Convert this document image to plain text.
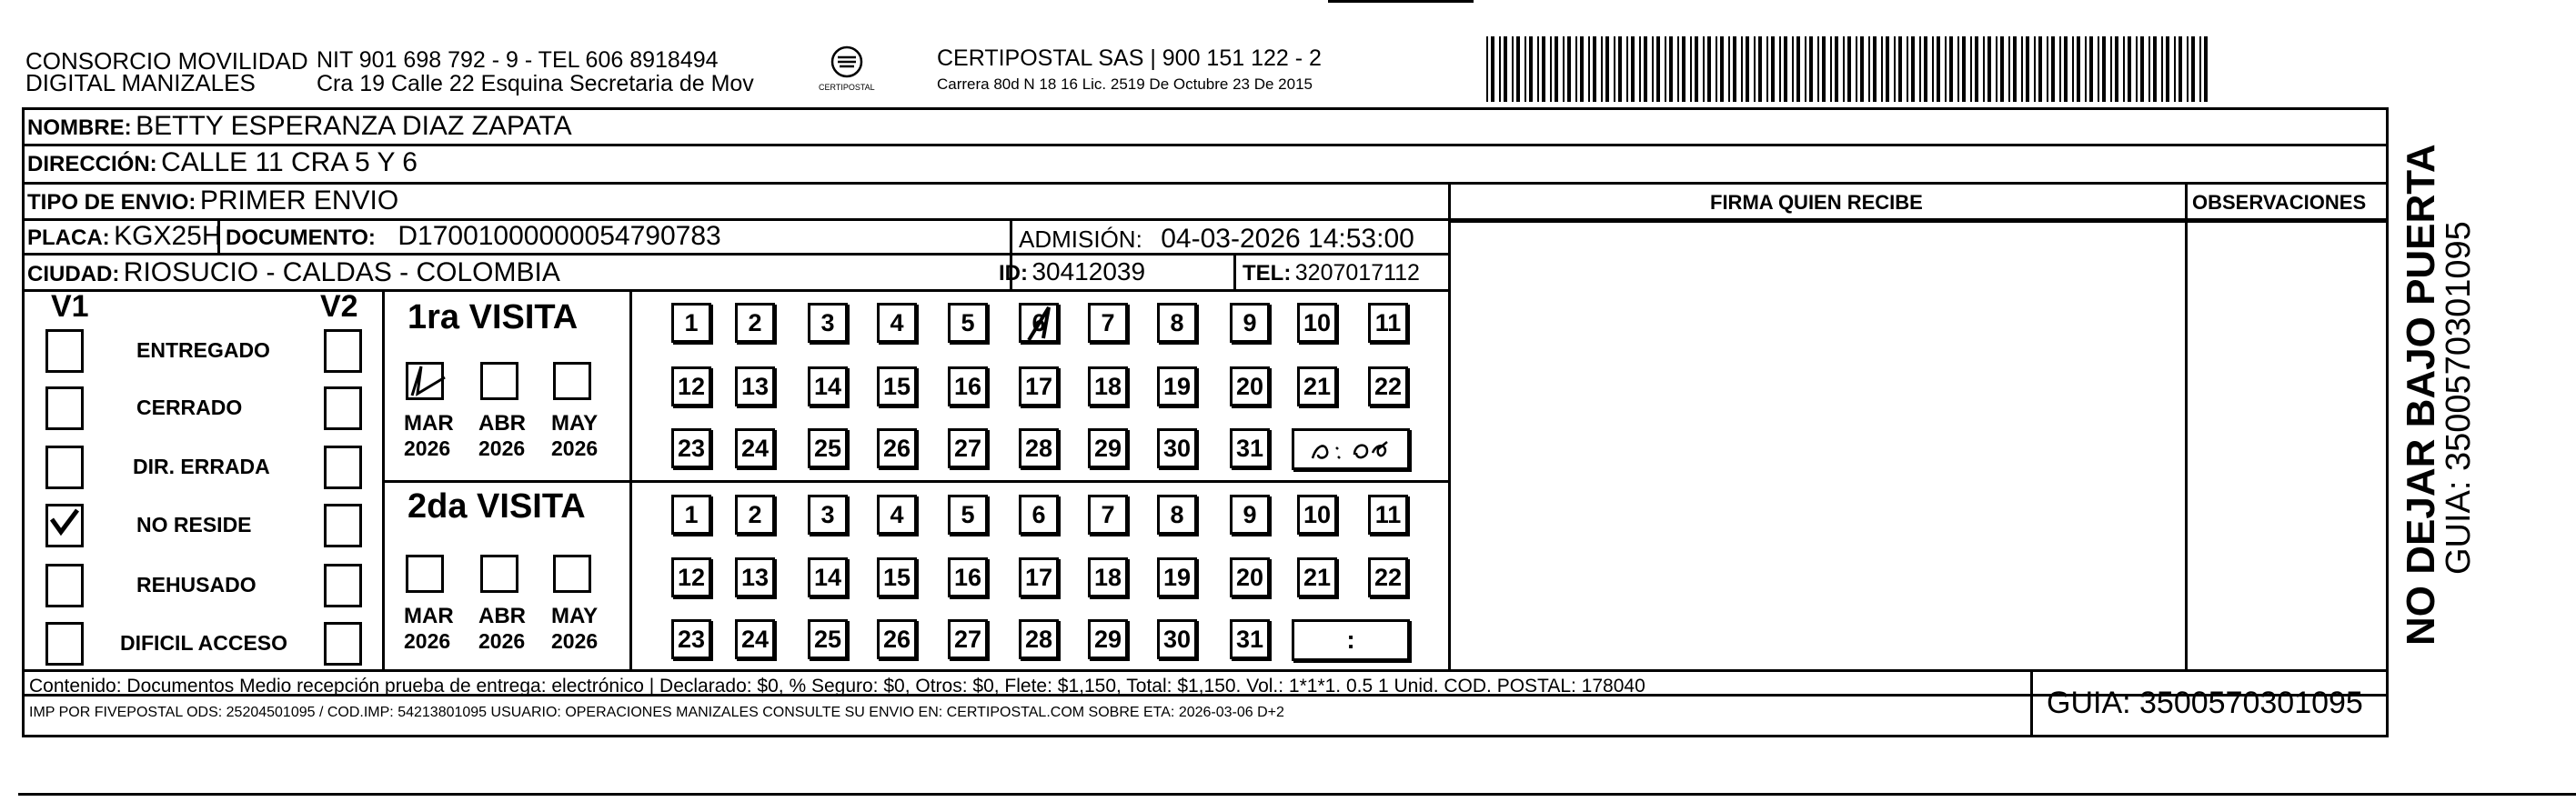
CONSORCIO MOVILIDAD
DIGITAL MANIZALES
NIT 901 698 792 - 9 - TEL 606 8918494
Cra 19 Calle 22 Esquina Secretaria de Mov	CERTIPOSTAL
CERTIPOSTAL SAS | 900 151 122 - 2
Carrera 80d N 18 16 Lic. 2519 De Octubre 23 De 2015
NOMBRE: BETTY ESPERANZA DIAZ ZAPATA
DIRECCIÓN: CALLE 11 CRA 5 Y 6
TIPO DE ENVIO: PRIMER ENVIO	FIRMA QUIEN RECIBE	OBSERVACIONES
PLACA: KGX25H DOCUMENTO: D17001000000054790783	ADMISIÓN: 04-03-2026 14:53:00
CIUDAD: RIOSUCIO - CALDAS - COLOMBIA	ID: 30412039	TEL: 3207017112
V1	V2
ENTREGADO
CERRADO
DIR. ERRADA
NO RESIDE
REHUSADO
DIFICIL ACCESO
1ra VISITA
2da VISITA
MAR
2026
ABR
2026
MAY
2026
MAR
2026
ABR
2026
MAY
2026
1	2	3	4	5	6	7	8	9	10 11
12 13 14 15 16 17 18 19 20 21 22
23 24 25 26 27 28 29 30 31
1	2	3	4	5	6	7	8	9	10 11
12 13 14 15 16 17 18 19 20 21 22
23 24 25 26 27 28 29 30 31	:
Contenido: Documentos Medio recepción prueba de entrega: electrónico | Declarado: $0, % Seguro: $0, Otros: $0, Flete: $1,150, Total: $1,150. Vol.: 1*1*1. 0.5 1 Unid. COD. POSTAL: 178040
IMP POR FIVEPOSTAL ODS: 25204501095 / COD.IMP: 54213801095 USUARIO: OPERACIONES MANIZALES CONSULTE SU ENVIO EN: CERTIPOSTAL.COM SOBRE ETA: 2026-03-06 D+2	GUIA: 3500570301095
NO DEJAR BAJO PUERTA
GUIA: 3500570301095
